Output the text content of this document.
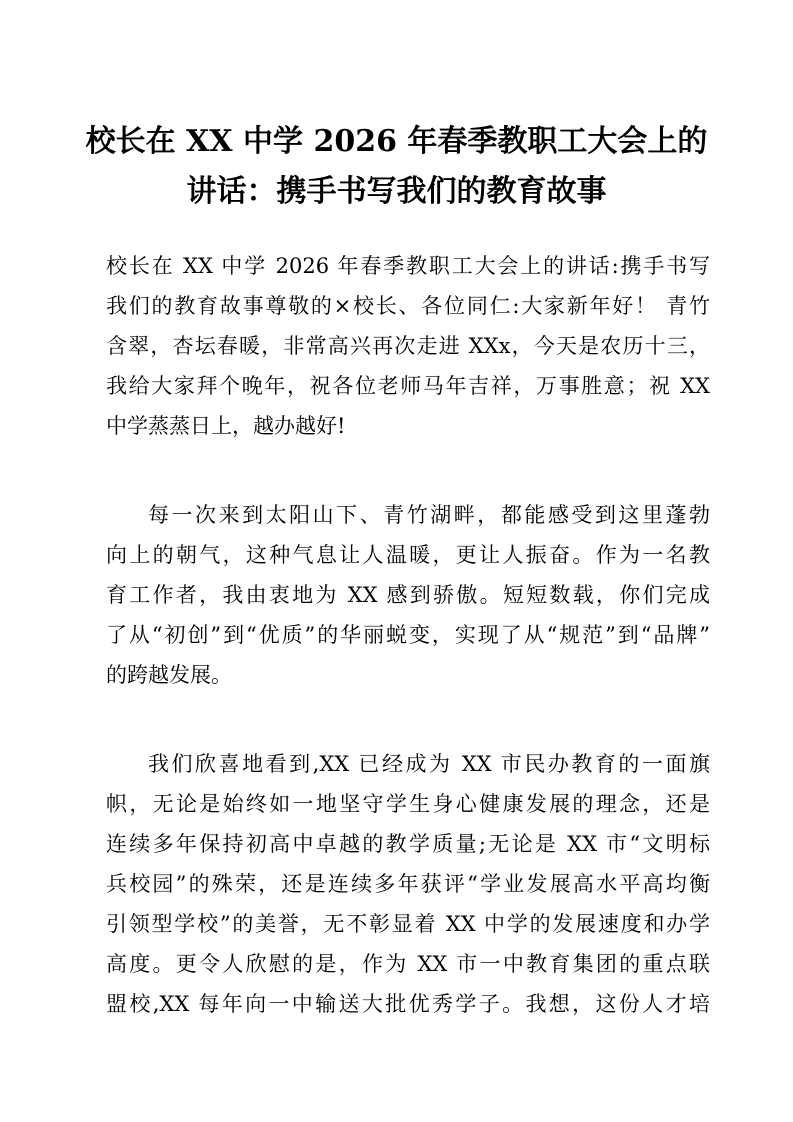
校长在 XX 中学 2026 年春季教职工大会上的
讲话：携手书写我们的教育故事
校长在 XX 中学 2026 年春季教职工大会上的讲话:携手书写
我们的教育故事尊敬的×校长、各位同仁:大家新年好！ 青竹
含翠，杏坛春暖，非常高兴再次走进 XXx，今天是农历十三，
我给大家拜个晚年，祝各位老师马年吉祥，万事胜意；祝 XX
中学蒸蒸日上，越办越好!
每一次来到太阳山下、青竹湖畔，都能感受到这里蓬勃
向上的朝气，这种气息让人温暖，更让人振奋。作为一名教
育工作者，我由衷地为 XX 感到骄傲。短短数载，你们完成
了从“初创”到“优质”的华丽蜕变，实现了从“规范”到“品牌”
的跨越发展。
我们欣喜地看到,XX 已经成为 XX 市民办教育的一面旗
帜，无论是始终如一地坚守学生身心健康发展的理念，还是
连续多年保持初高中卓越的教学质量;无论是 XX 市“文明标
兵校园”的殊荣，还是连续多年获评“学业发展高水平高均衡
引领型学校”的美誉，无不彰显着 XX 中学的发展速度和办学
高度。更令人欣慰的是，作为 XX 市一中教育集团的重点联
盟校,XX 每年向一中输送大批优秀学子。我想，这份人才培
